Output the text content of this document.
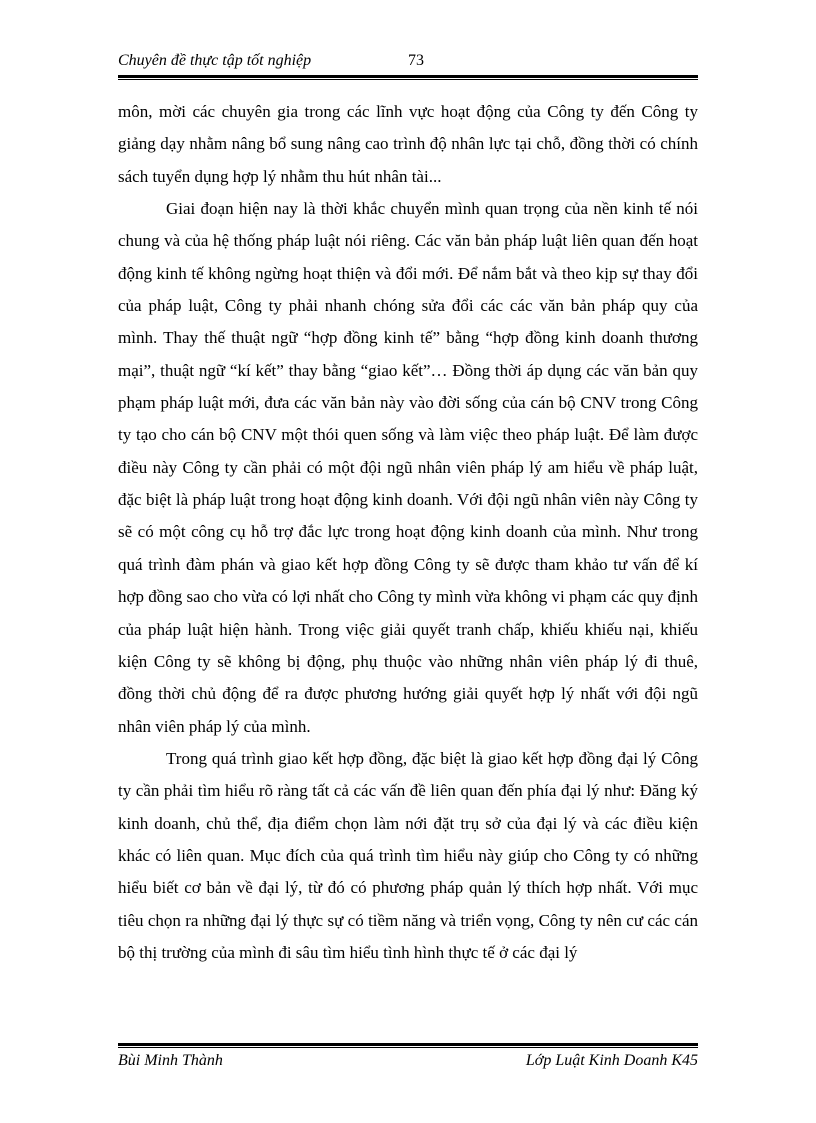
Chuyên đề thực tập tốt nghiệp	73

môn, mời các chuyên gia trong các lĩnh vực hoạt động của Công ty đến Công ty giảng dạy nhằm nâng bổ sung nâng cao trình độ nhân lực tại chỗ, đồng thời có chính sách tuyển dụng hợp lý nhằm thu hút nhân tài...

Giai đoạn hiện nay là thời khắc chuyển mình quan trọng của nền kinh tế nói chung và của hệ thống pháp luật nói riêng. Các văn bản pháp luật liên quan đến hoạt động kinh tế không ngừng hoạt thiện và đổi mới. Để nắm bắt và theo kịp sự thay đổi của pháp luật, Công ty phải nhanh chóng sửa đổi các các văn bản pháp quy của mình. Thay thế thuật ngữ “hợp đồng kinh tế” bằng “hợp đồng kinh doanh thương mại”, thuật ngữ “kí kết” thay bằng “giao kết”… Đồng thời áp dụng các văn bản quy phạm pháp luật mới, đưa các văn bản này vào đời sống của cán bộ CNV trong Công ty tạo cho cán bộ CNV một thói quen sống và làm việc theo pháp luật. Để làm được điều này Công ty cần phải có một đội ngũ nhân viên pháp lý am hiểu về pháp luật, đặc biệt là pháp luật trong hoạt động kinh doanh. Với đội ngũ nhân viên này Công ty sẽ có một công cụ hỗ trợ đắc lực trong hoạt động kinh doanh của mình. Như trong quá trình đàm phán và giao kết hợp đồng Công ty sẽ được tham khảo tư vấn để kí hợp đồng sao cho vừa có lợi nhất cho Công ty mình vừa không vi phạm các quy định của pháp luật hiện hành. Trong việc giải quyết tranh chấp, khiếu khiếu nại, khiếu kiện Công ty sẽ không bị động, phụ thuộc vào những nhân viên pháp lý đi thuê, đồng thời chủ động để ra được phương hướng giải quyết hợp lý nhất với đội ngũ nhân viên pháp lý của mình.

Trong quá trình giao kết hợp đồng, đặc biệt là giao kết hợp đồng đại lý Công ty cần phải tìm hiểu rõ ràng tất cả các vấn đề liên quan đến phía đại lý như: Đăng ký kinh doanh, chủ thể, địa điểm chọn làm nới đặt trụ sở của đại lý và các điều kiện khác có liên quan. Mục đích của quá trình tìm hiểu này giúp cho Công ty có những hiểu biết cơ bản về đại lý, từ đó có phương pháp quản lý thích hợp nhất. Với mục tiêu chọn ra những đại lý thực sự có tiềm năng và triển vọng, Công ty nên cư các cán bộ thị trường của mình đi sâu tìm hiểu tình hình thực tế ở các đại lý

Bùi Minh Thành	Lớp Luật Kinh Doanh K45
